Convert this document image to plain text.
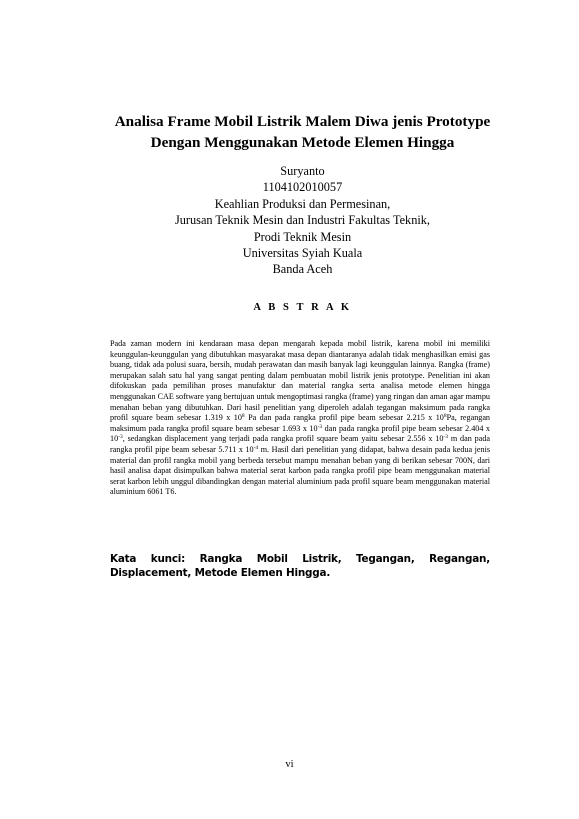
Analisa Frame Mobil Listrik Malem Diwa jenis Prototype
Dengan Menggunakan Metode Elemen Hingga
Suryanto
1104102010057
Keahlian Produksi dan Permesinan,
Jurusan Teknik Mesin dan Industri Fakultas Teknik,
Prodi Teknik Mesin
Universitas Syiah Kuala
Banda Aceh
A B S T R A K
Pada zaman modern ini kendaraan masa depan mengarah kepada mobil listrik, karena mobil ini memiliki keunggulan-keunggulan yang dibutuhkan masyarakat masa depan diantaranya adalah tidak menghasilkan emisi gas buang, tidak ada polusi suara, bersih, mudah perawatan dan masih banyak lagi keunggulan lainnya. Rangka (frame) merupakan salah satu hal yang sangat penting dalam pembuatan mobil listrik jenis prototype. Penelitian ini akan difokuskan pada pemilihan proses manufaktur dan material rangka serta analisa metode elemen hingga menggunakan CAE software yang bertujuan untuk mengoptimasi rangka (frame) yang ringan dan aman agar mampu menahan beban yang dibutuhkan. Dari hasil penelitian yang diperoleh adalah tegangan maksimum pada rangka profil square beam sebesar 1.319 x $10^8$ Pa dan pada rangka profil pipe beam sebesar 2.215 x $10^8Pa$, regangan maksimum pada rangka profil square beam sebesar 1.693 x $10^{-3}$ dan pada rangka profil pipe beam sebesar 2.404 x $10^{-3}$, sedangkan displacement yang terjadi pada rangka profil square beam yaitu sebesar 2.556 x $10^{-3}$ m dan pada rangka profil pipe beam sebesar 5.711 x $10^{-4}$ m. Hasil dari penelitian yang didapat, bahwa desain pada kedua jenis material dan profil rangka mobil yang berbeda tersebut mampu menahan beban yang di berikan sebesar 700N, dari hasil analisa dapat disimpulkan bahwa material serat karbon pada rangka profil pipe beam menggunakan material serat karbon lebih unggul dibandingkan dengan material aluminium pada profil square beam menggunakan material aluminium 6061 T6.
Kata kunci: Rangka Mobil Listrik, Tegangan, Regangan, Displacement, Metode Elemen Hingga.
vi
